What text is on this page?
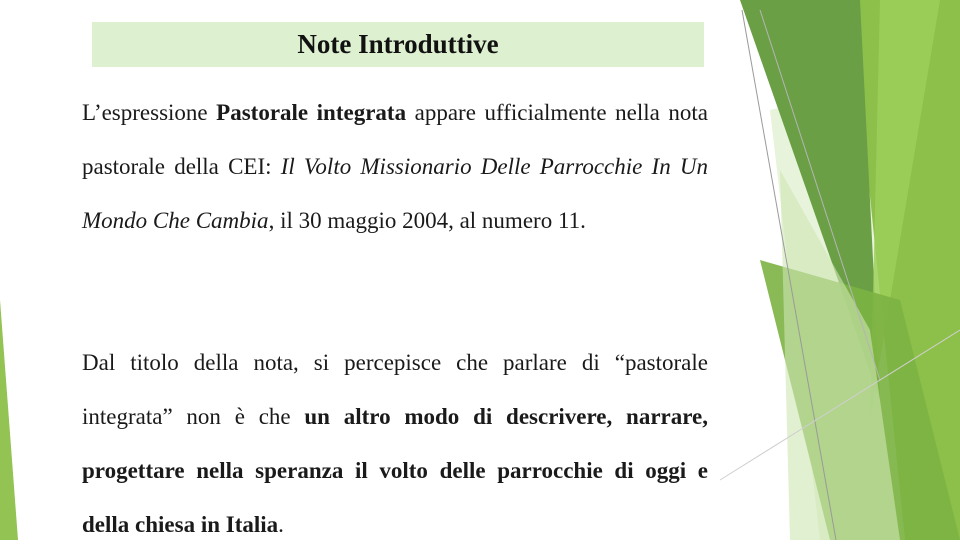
Note Introduttive

L’espressione Pastorale integrata appare ufficialmente nella nota pastorale della CEI: Il Volto Missionario Delle Parrocchie In Un Mondo Che Cambia, il 30 maggio 2004, al numero 11.

Dal titolo della nota, si percepisce che parlare di “pastorale integrata” non è che un altro modo di descrivere, narrare, progettare nella speranza il volto delle parrocchie di oggi e della chiesa in Italia.
